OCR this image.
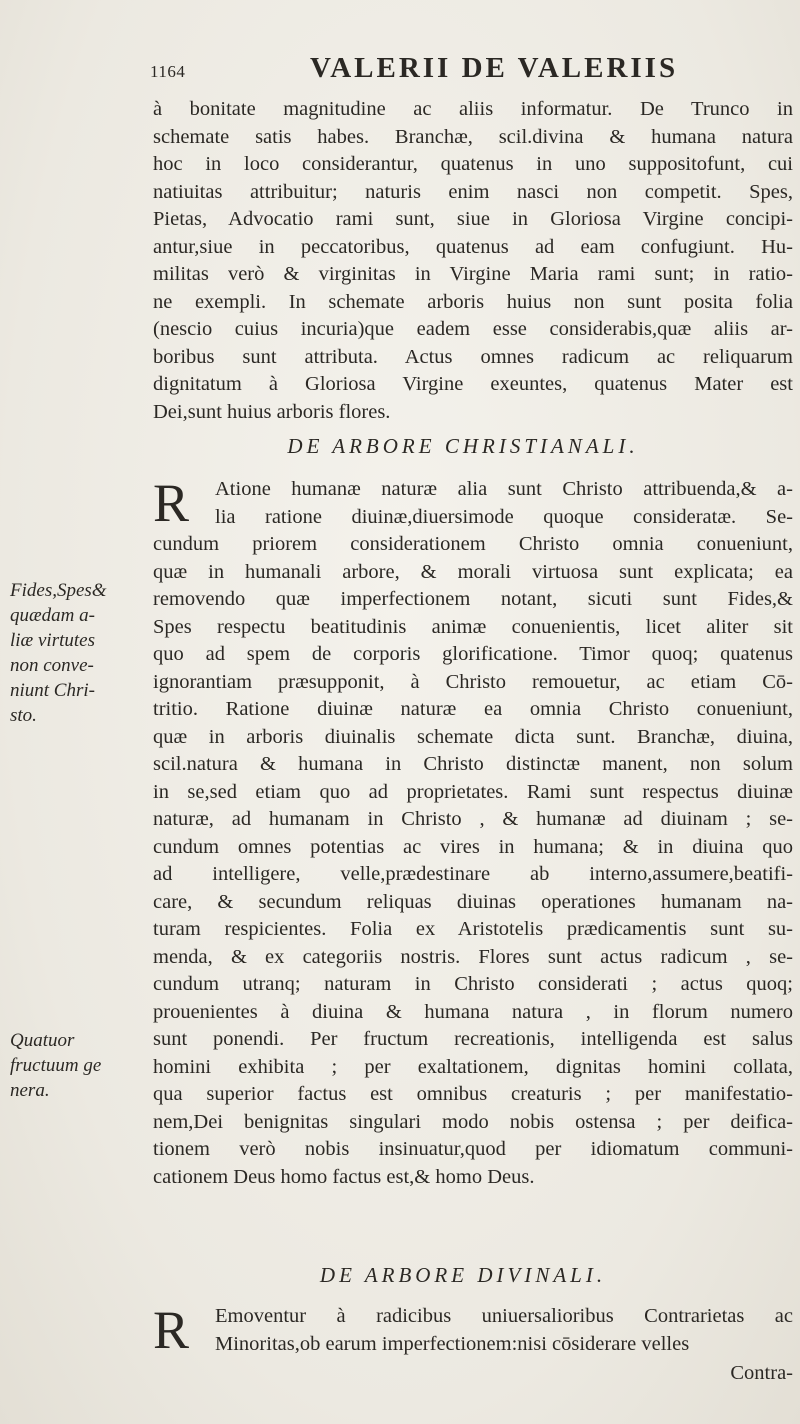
1164	VALERII DE VALERIIS
à bonitate magnitudine ac aliis informatur. De Trunco in
schemate satis habes. Branchæ, scil.divina & humana natura
hoc in loco considerantur, quatenus in uno suppositofunt, cui
natiuitas attribuitur; naturis enim nasci non competit. Spes,
Pietas, Advocatio rami sunt, siue in Gloriosa Virgine concipi-
antur,siue in peccatoribus, quatenus ad eam confugiunt. Hu-
militas verò & virginitas in Virgine Maria rami sunt; in ratio-
ne exempli. In schemate arboris huius non sunt posita folia
(nescio cuius incuria)que eadem esse considerabis,quæ aliis ar-
boribus sunt attributa. Actus omnes radicum ac reliquarum
dignitatum à Gloriosa Virgine exeuntes, quatenus Mater est
Dei,sunt huius arboris flores.
DE ARBORE CHRISTIANALI.
R	Atione humanæ naturæ alia sunt Christo attribuenda,& a-
lia ratione diuinæ,diuersimode quoque consideratæ. Se-
cundum priorem considerationem Christo omnia conueniunt,
quæ in humanali arbore, & morali virtuosa sunt explicata; ea
removendo quæ imperfectionem notant, sicuti sunt Fides,&
Spes respectu beatitudinis animæ conuenientis, licet aliter sit
quo ad spem de corporis glorificatione. Timor quoq; quatenus
ignorantiam præsupponit, à Christo remouetur, ac etiam Cō-
tritio. Ratione diuinæ naturæ ea omnia Christo conueniunt,
quæ in arboris diuinalis schemate dicta sunt. Branchæ, diuina,
scil.natura & humana in Christo distinctæ manent, non solum
in se,sed etiam quo ad proprietates. Rami sunt respectus diuinæ
naturæ, ad humanam in Christo , & humanæ ad diuinam ; se-
cundum omnes potentias ac vires in humana; & in diuina quo
ad intelligere, velle,prædestinare ab interno,assumere,beatifi-
care, & secundum reliquas diuinas operationes humanam na-
turam respicientes. Folia ex Aristotelis prædicamentis sunt su-
menda, & ex categoriis nostris. Flores sunt actus radicum , se-
cundum utranq; naturam in Christo considerati ; actus quoq;
prouenientes à diuina & humana natura , in florum numero
sunt ponendi. Per fructum recreationis, intelligenda est salus
homini exhibita ; per exaltationem, dignitas homini collata,
qua superior factus est omnibus creaturis ; per manifestatio-
nem,Dei benignitas singulari modo nobis ostensa ; per deifica-
tionem verò nobis insinuatur,quod per idiomatum communi-
cationem Deus homo factus est,& homo Deus.
Fides,Spes&
quædam a-
liæ virtutes
non conve-
niunt Chri-
sto.
Quatuor
fructuum ge
nera.
DE ARBORE DIVINALI.
R	Emoventur à radicibus uniuersalioribus Contrarietas ac
Minoritas,ob earum imperfectionem:nisi cōsiderare velles
Contra-
